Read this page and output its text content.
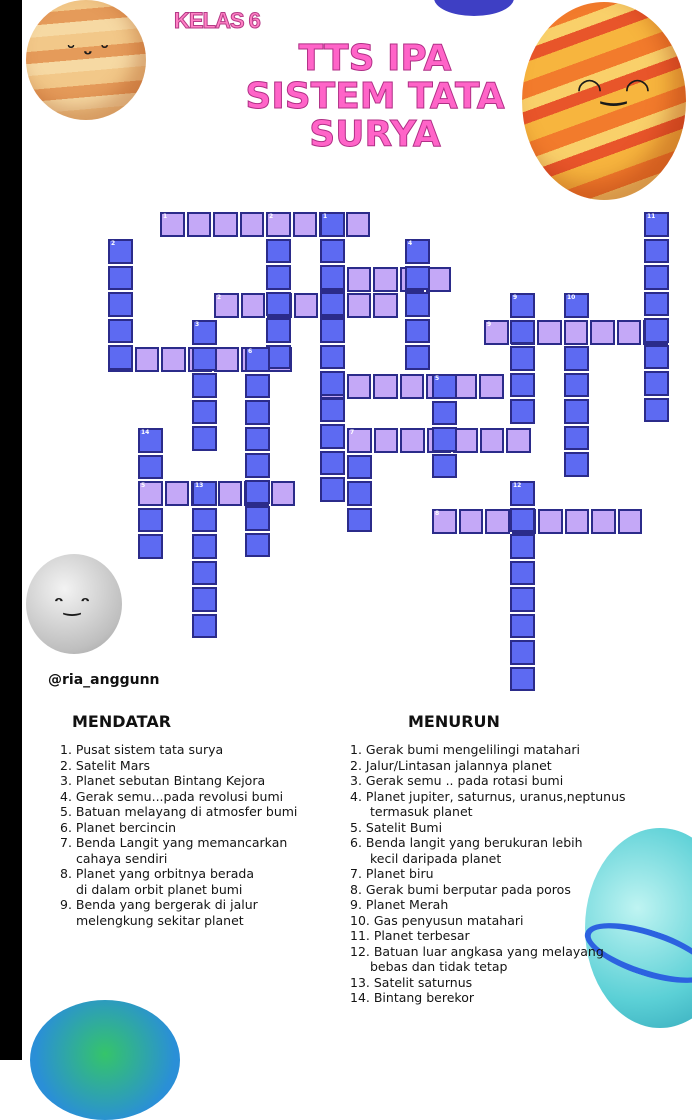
˘ ᵕ ˘
◠‿◠
ᵔ‿ᵔ
KELAS 6
TTS IPA
SISTEM TATA
SURYA
1	2
2
5
7
8
9
1
2	4
11
9	10
3
6
14
13
5
12
@ria_anggunn
MENDATAR	MENURUN
1. Pusat sistem tata surya
2. Satelit Mars
3. Planet sebutan Bintang Kejora
4. Gerak semu...pada revolusi bumi
5. Batuan melayang di atmosfer bumi
6. Planet bercincin
7. Benda Langit yang memancarkan
cahaya sendiri
8. Planet yang orbitnya berada
di dalam orbit planet bumi
9. Benda yang bergerak di jalur
melengkung sekitar planet
1. Gerak bumi mengelilingi matahari
2. Jalur/Lintasan jalannya planet
3. Gerak semu .. pada rotasi bumi
4. Planet jupiter, saturnus, uranus,neptunus
termasuk planet
5. Satelit Bumi
6. Benda langit yang berukuran lebih
kecil daripada planet
7. Planet biru
8. Gerak bumi berputar pada poros
9. Planet Merah
10. Gas penyusun matahari
11. Planet terbesar
12. Batuan luar angkasa yang melayang
bebas dan tidak tetap
13. Satelit saturnus
14. Bintang berekor
